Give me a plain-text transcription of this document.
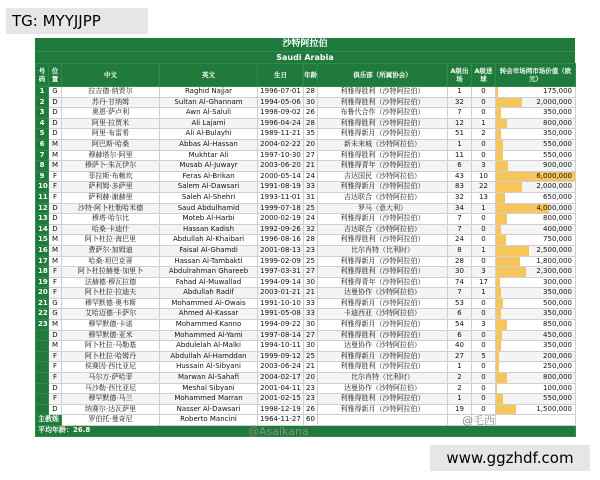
TG: MYYJJPP
沙特阿拉伯
Saudi Arabia
号码	位置	中文	英文	生日	年龄	俱乐部（所属协会）	A级出场	A级进球	转会市场网市场价值（欧元）
1	G	拉吉德·纳贾尔	Raghid Najjar	1996-07-01	28	利雅得胜利（沙特阿拉伯）	1	0	175,000
2	D	苏丹·甘纳姆	Sultan Al-Ghannam	1994-05-06	30	利雅得胜利（沙特阿拉伯）	32	0	2,000,000
3	D	奥恩·萨卢利	Awn Al-Saluli	1998-09-02	26	布鲁代合作（沙特阿拉伯）	7	0	350,000
4	D	阿里·拉贾米	Ali Lajami	1996-04-24	28	利雅得胜利（沙特阿拉伯）	12	1	800,000
5	D	阿里·布雷希	Ali Al-Bulayhi	1989-11-21	35	利雅得新月（沙特阿拉伯）	51	2	350,000
6	M	阿巴斯·哈桑	Abbas Al-Hassan	2004-02-22	20	新未来城（沙特阿拉伯）	1	0	550,000
7	M	穆赫塔尔·阿里	Mukhtar Ali	1997-10-30	27	利雅得胜利（沙特阿拉伯）	11	0	550,000
8	M	穆萨卜·朱瓦伊尔	Musab Al-Juwayr	2003-06-20	21	利雅得青年（沙特阿拉伯）	6	3	900,000
9	F	菲拉斯·布赖坎	Feras Al-Brikan	2000-05-14	24	吉达国民（沙特阿拉伯）	43	10	6,000,000
10	F	萨利姆·多萨里	Salem Al-Dawsari	1991-08-19	33	利雅得新月（沙特阿拉伯）	83	22	2,000,000
11	F	萨利赫·谢赫里	Saleh Al-Shehri	1993-11-01	31	吉达联合（沙特阿拉伯）	32	13	650,000
12	D	沙特·阿卜杜勒哈米德	Saud Abdulhamid	1999-07-18	25	罗马（意大利）	34	1	4,000,000
13	D	穆塔·哈尔比	Moteb Al-Harbi	2000-02-19	24	利雅得新月（沙特阿拉伯）	7	0	800,000
14	D	哈桑·卡迪什	Hassan Kadish	1992-09-26	32	吉达联合（沙特阿拉伯）	7	0	400,000
15	M	阿卜杜拉·海巴里	Abdullah Al-Khaibari	1996-08-16	28	利雅得胜利（沙特阿拉伯）	24	0	750,000
16	M	费萨尔·加姆迪	Faisal Al-Ghamdi	2001-08-13	23	比尔肖特（比利时）	8	1	2,500,000
17	M	哈桑·坦巴克蒂	Hassan Al-Tambakti	1999-02-09	25	利雅得新月（沙特阿拉伯）	28	0	1,800,000
18	F	阿卜杜拉赫曼·加里卜	Abdulrahman Ghareeb	1997-03-31	27	利雅得胜利（沙特阿拉伯）	30	3	2,300,000
19	F	法赫德·穆瓦拉德	Fahad Al-Muwallad	1994-09-14	30	利雅得青年（沙特阿拉伯）	74	17	300,000
20	F	阿卜杜拉·拉迪夫	Abdullah Radif	2003-01-21	21	达曼协作（沙特阿拉伯）	7	1	350,000
21	G	穆罕默德·奥韦斯	Mohammed Al-Owais	1991-10-10	33	利雅得新月（沙特阿拉伯）	53	0	500,000
22	G	艾哈迈德·卡萨尔	Ahmed Al-Kassar	1991-05-08	33	卡迪西亚（沙特阿拉伯）	6	0	350,000
23	M	穆罕默德·卡诺	Mohammed Kanno	1994-09-22	30	利雅得新月（沙特阿拉伯）	54	3	850,000
	D	穆罕默德·亚米	Mohammed Al-Yami	1997-08-14	27	利雅得胜利（沙特阿拉伯）	6	0	450,000
	M	阿卜杜拉·马勒基	Abdulelah Al-Malki	1994-10-11	30	达曼协作（沙特阿拉伯）	40	0	350,000
	F	阿卜杜拉·哈姆丹	Abdullah Al-Hamddan	1999-09-12	25	利雅得新月（沙特阿拉伯）	27	5	200,000
	F	侯赛因·西比亚尼	Hussain Al-Sibyani	2003-06-24	21	利雅得胜利（沙特阿拉伯）	1	0	250,000
	F	马尔万·萨哈菲	Marwan Al-Sahafi	2004-02-17	20	比尔肖特（比利时）	2	0	800,000
	D	马沙勒·西比亚尼	Meshal Sibyani	2001-04-11	23	达曼协作（沙特阿拉伯）	2	0	100,000
	F	穆罕默德·马兰	Mohammed Marran	2001-02-15	23	利雅得胜利（沙特阿拉伯）	1	0	550,000
	D	纳赛尔·达瓦萨里	Nasser Al-Dawsari	1998-12-19	26	利雅得新月（沙特阿拉伯）	19	0	1,500,000
主教练		罗伯托·曼奇尼	Roberto Mancini	1964-11-27	60				
平均年龄：26.8										@Asaikana
@毛西
www.ggzhdf.com
